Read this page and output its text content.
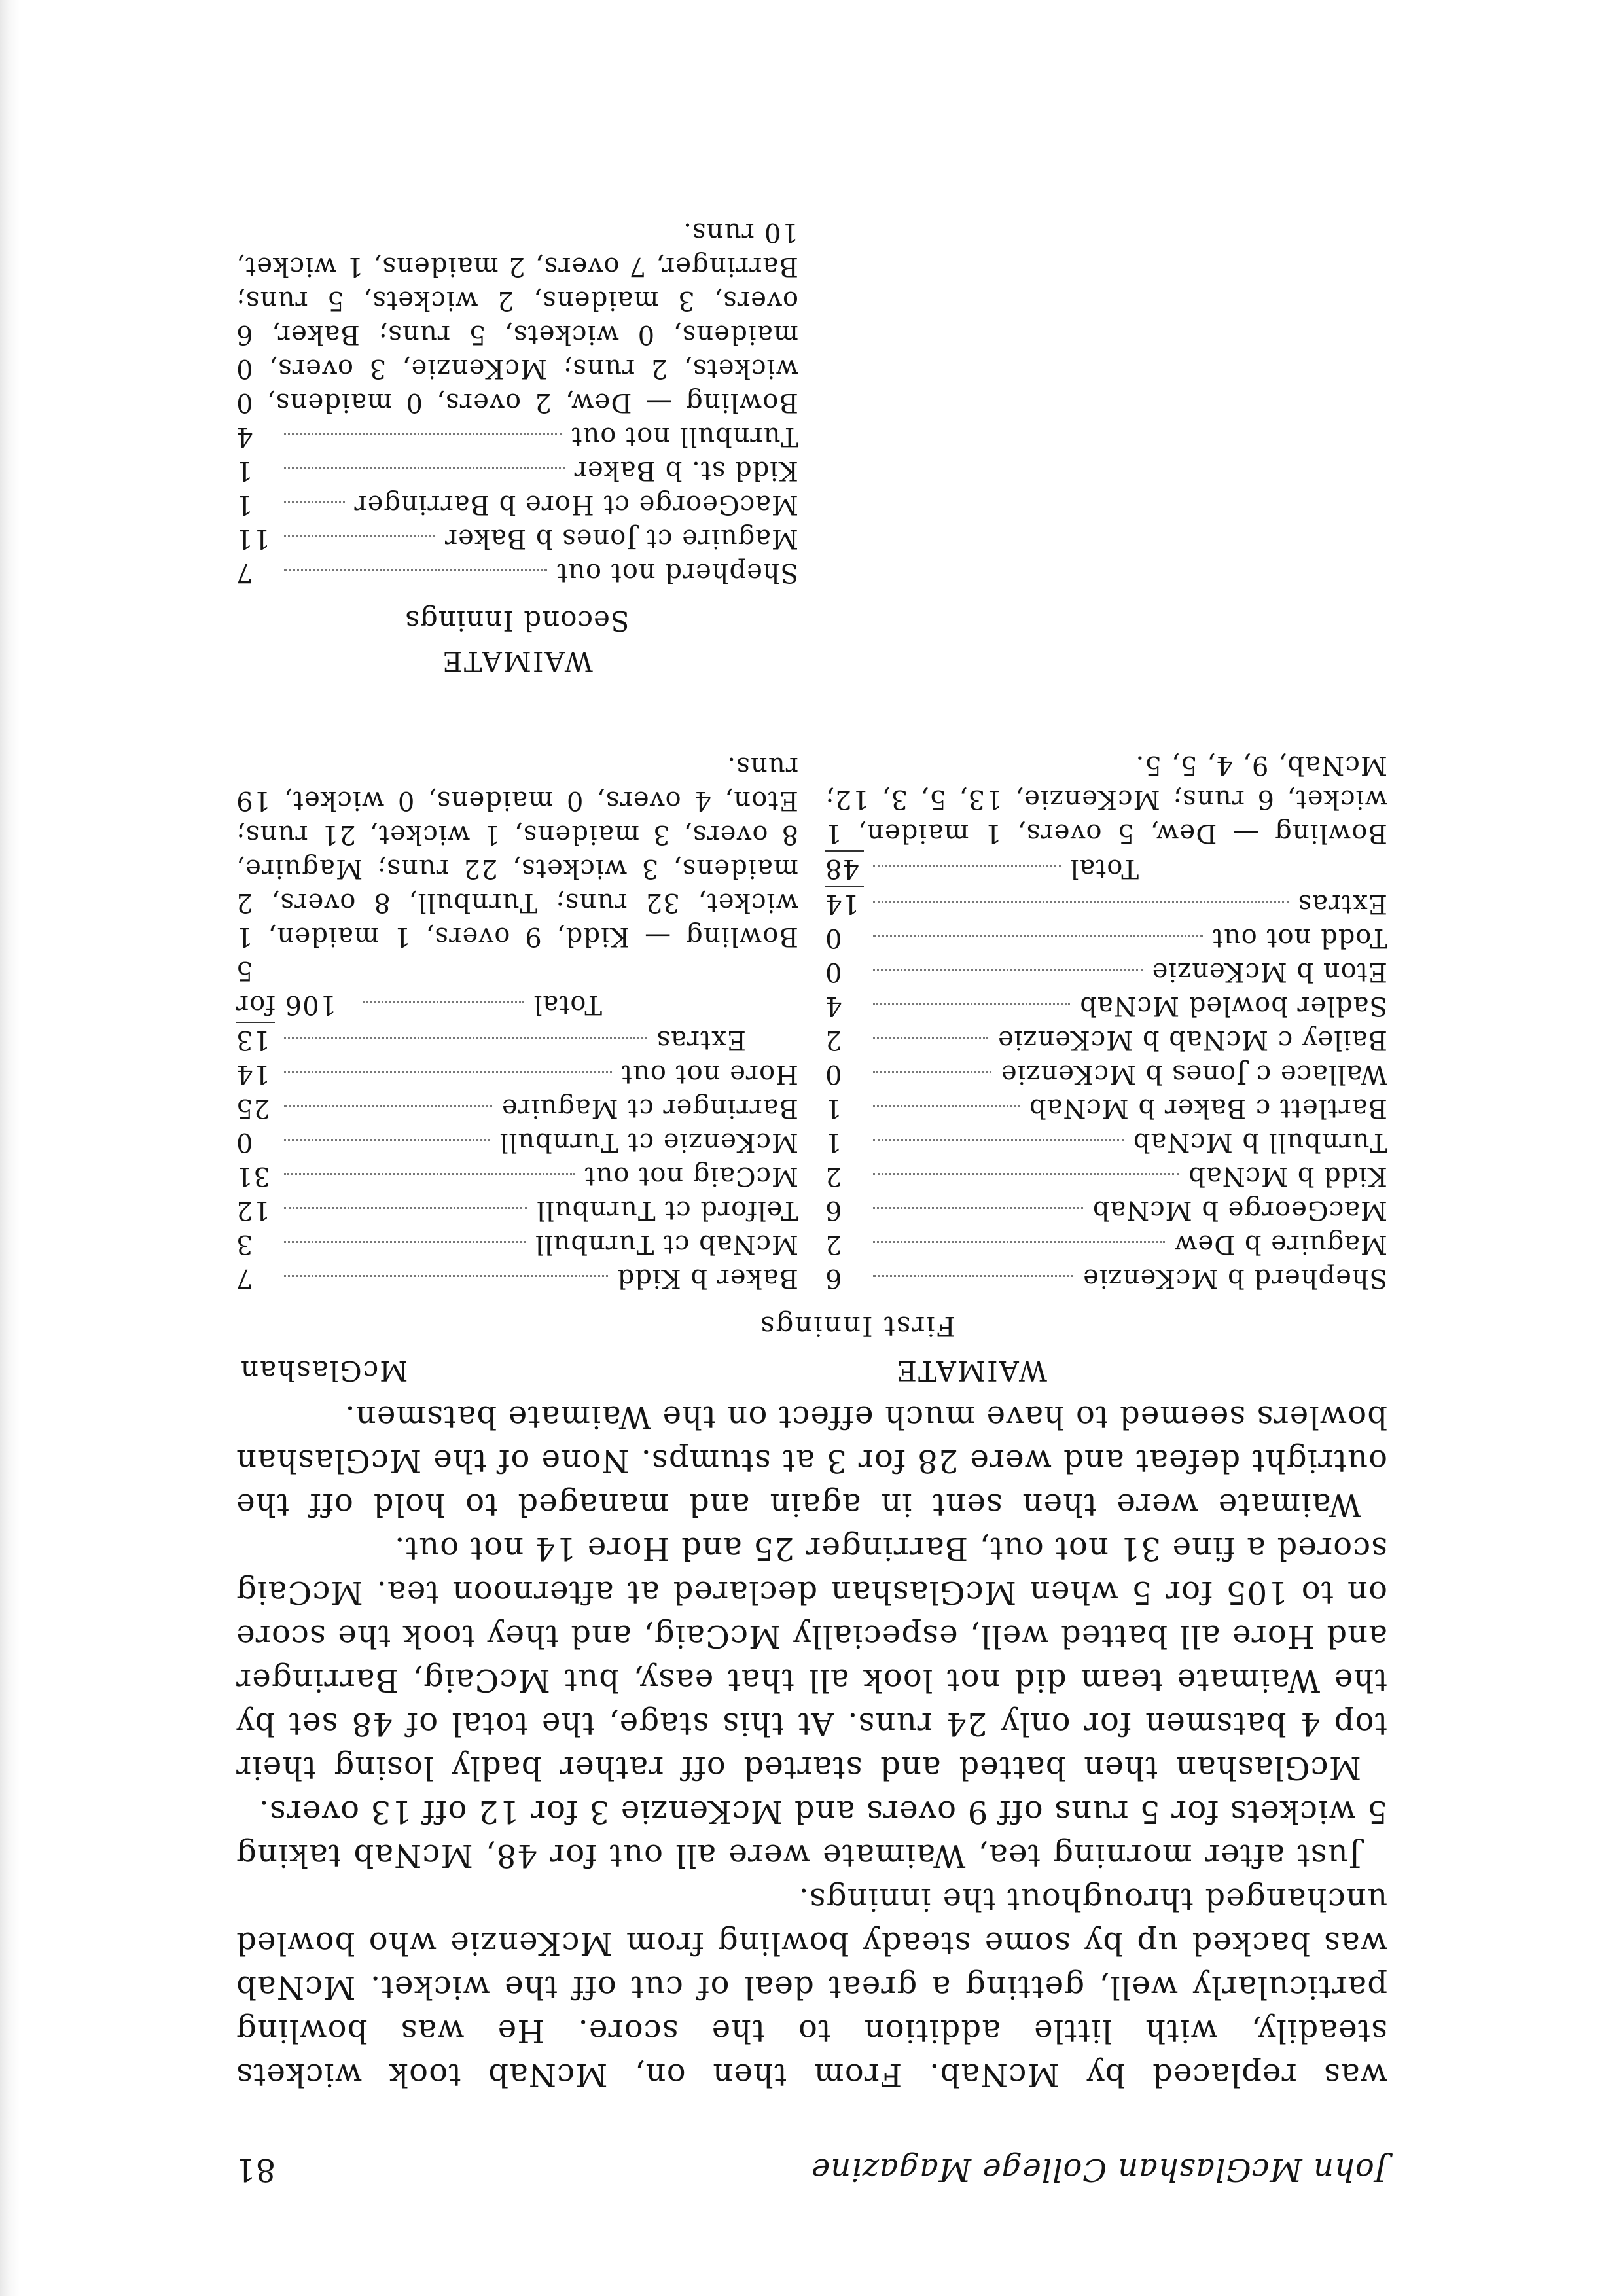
John McGlashan College Magazine
81
was replaced by McNab. From then on, McNab took wickets steadily, with little addition to the score. He was bowling particularly well, getting a great deal of cut off the wicket. McNab was backed up by some steady bowling from McKenzie who bowled unchanged throughout the innings.
Just after morning tea, Waimate were all out for 48, McNab taking 5 wickets for 5 runs off 9 overs and McKenzie 3 for 12 off 13 overs.
McGlashan then batted and started off rather badly losing their top 4 batsmen for only 24 runs. At this stage, the total of 48 set by the Waimate team did not look all that easy, but McCaig, Barringer and Hore all batted well, especially McCaig, and they took the score on to 105 for 5 when McGlashan declared at afternoon tea. McCaig scored a fine 31 not out, Barringer 25 and Hore 14 not out.
Waimate were then sent in again and managed to hold off the outright defeat and were 28 for 3 at stumps. None of the McGlashan bowlers seemed to have much effect on the Waimate batsmen.
WAIMATE
McGlashan
First Innings
Shepherd b McKenzie
6
Maguire b Dew
2
MacGeorge b McNab
6
Kidd b McNab
2
Turnbull b McNab
1
Bartlett c Baker b McNab
1
Wallace c Jones b McKenzie
0
Bailey c McNab b McKenzie
2
Sadler bowled McNab
4
Eton b McKenzie
0
Todd not out
0
Extras
14
Total
48
Bowling — Dew, 5 overs, 1 maiden, 1 wicket, 6 runs; McKenzie, 13, 5, 3, 12; McNab, 9, 4, 5, 5.
Baker b Kidd
7
McNab ct Turnbull
3
Telford ct Turnbull
12
McCaig not out
31
McKenzie ct Turnbull
0
Barringer ct Maguire
25
Hore not out
14
Extras
13
Total
106 for 5
Bowling — Kidd, 9 overs, 1 maiden, 1 wicket, 32 runs; Turnbull, 8 overs, 2 maidens, 3 wickets, 22 runs; Maguire, 8 overs, 3 maidens, 1 wicket, 21 runs; Eton, 4 overs, 0 maidens, 0 wicket, 19 runs.
WAIMATE
Second Innings
Shepherd not out
7
Maguire ct Jones b Baker
11
MacGeorge ct Hore b Barringer
1
Kidd st. b Baker
1
Turnbull not out
4
Bowling — Dew, 2 overs, 0 maidens, 0 wickets, 2 runs; McKenzie, 3 overs, 0 maidens, 0 wickets, 5 runs; Baker, 6 overs, 3 maidens, 2 wickets, 5 runs; Barringer, 7 overs, 2 maidens, 1 wicket, 10 runs.
